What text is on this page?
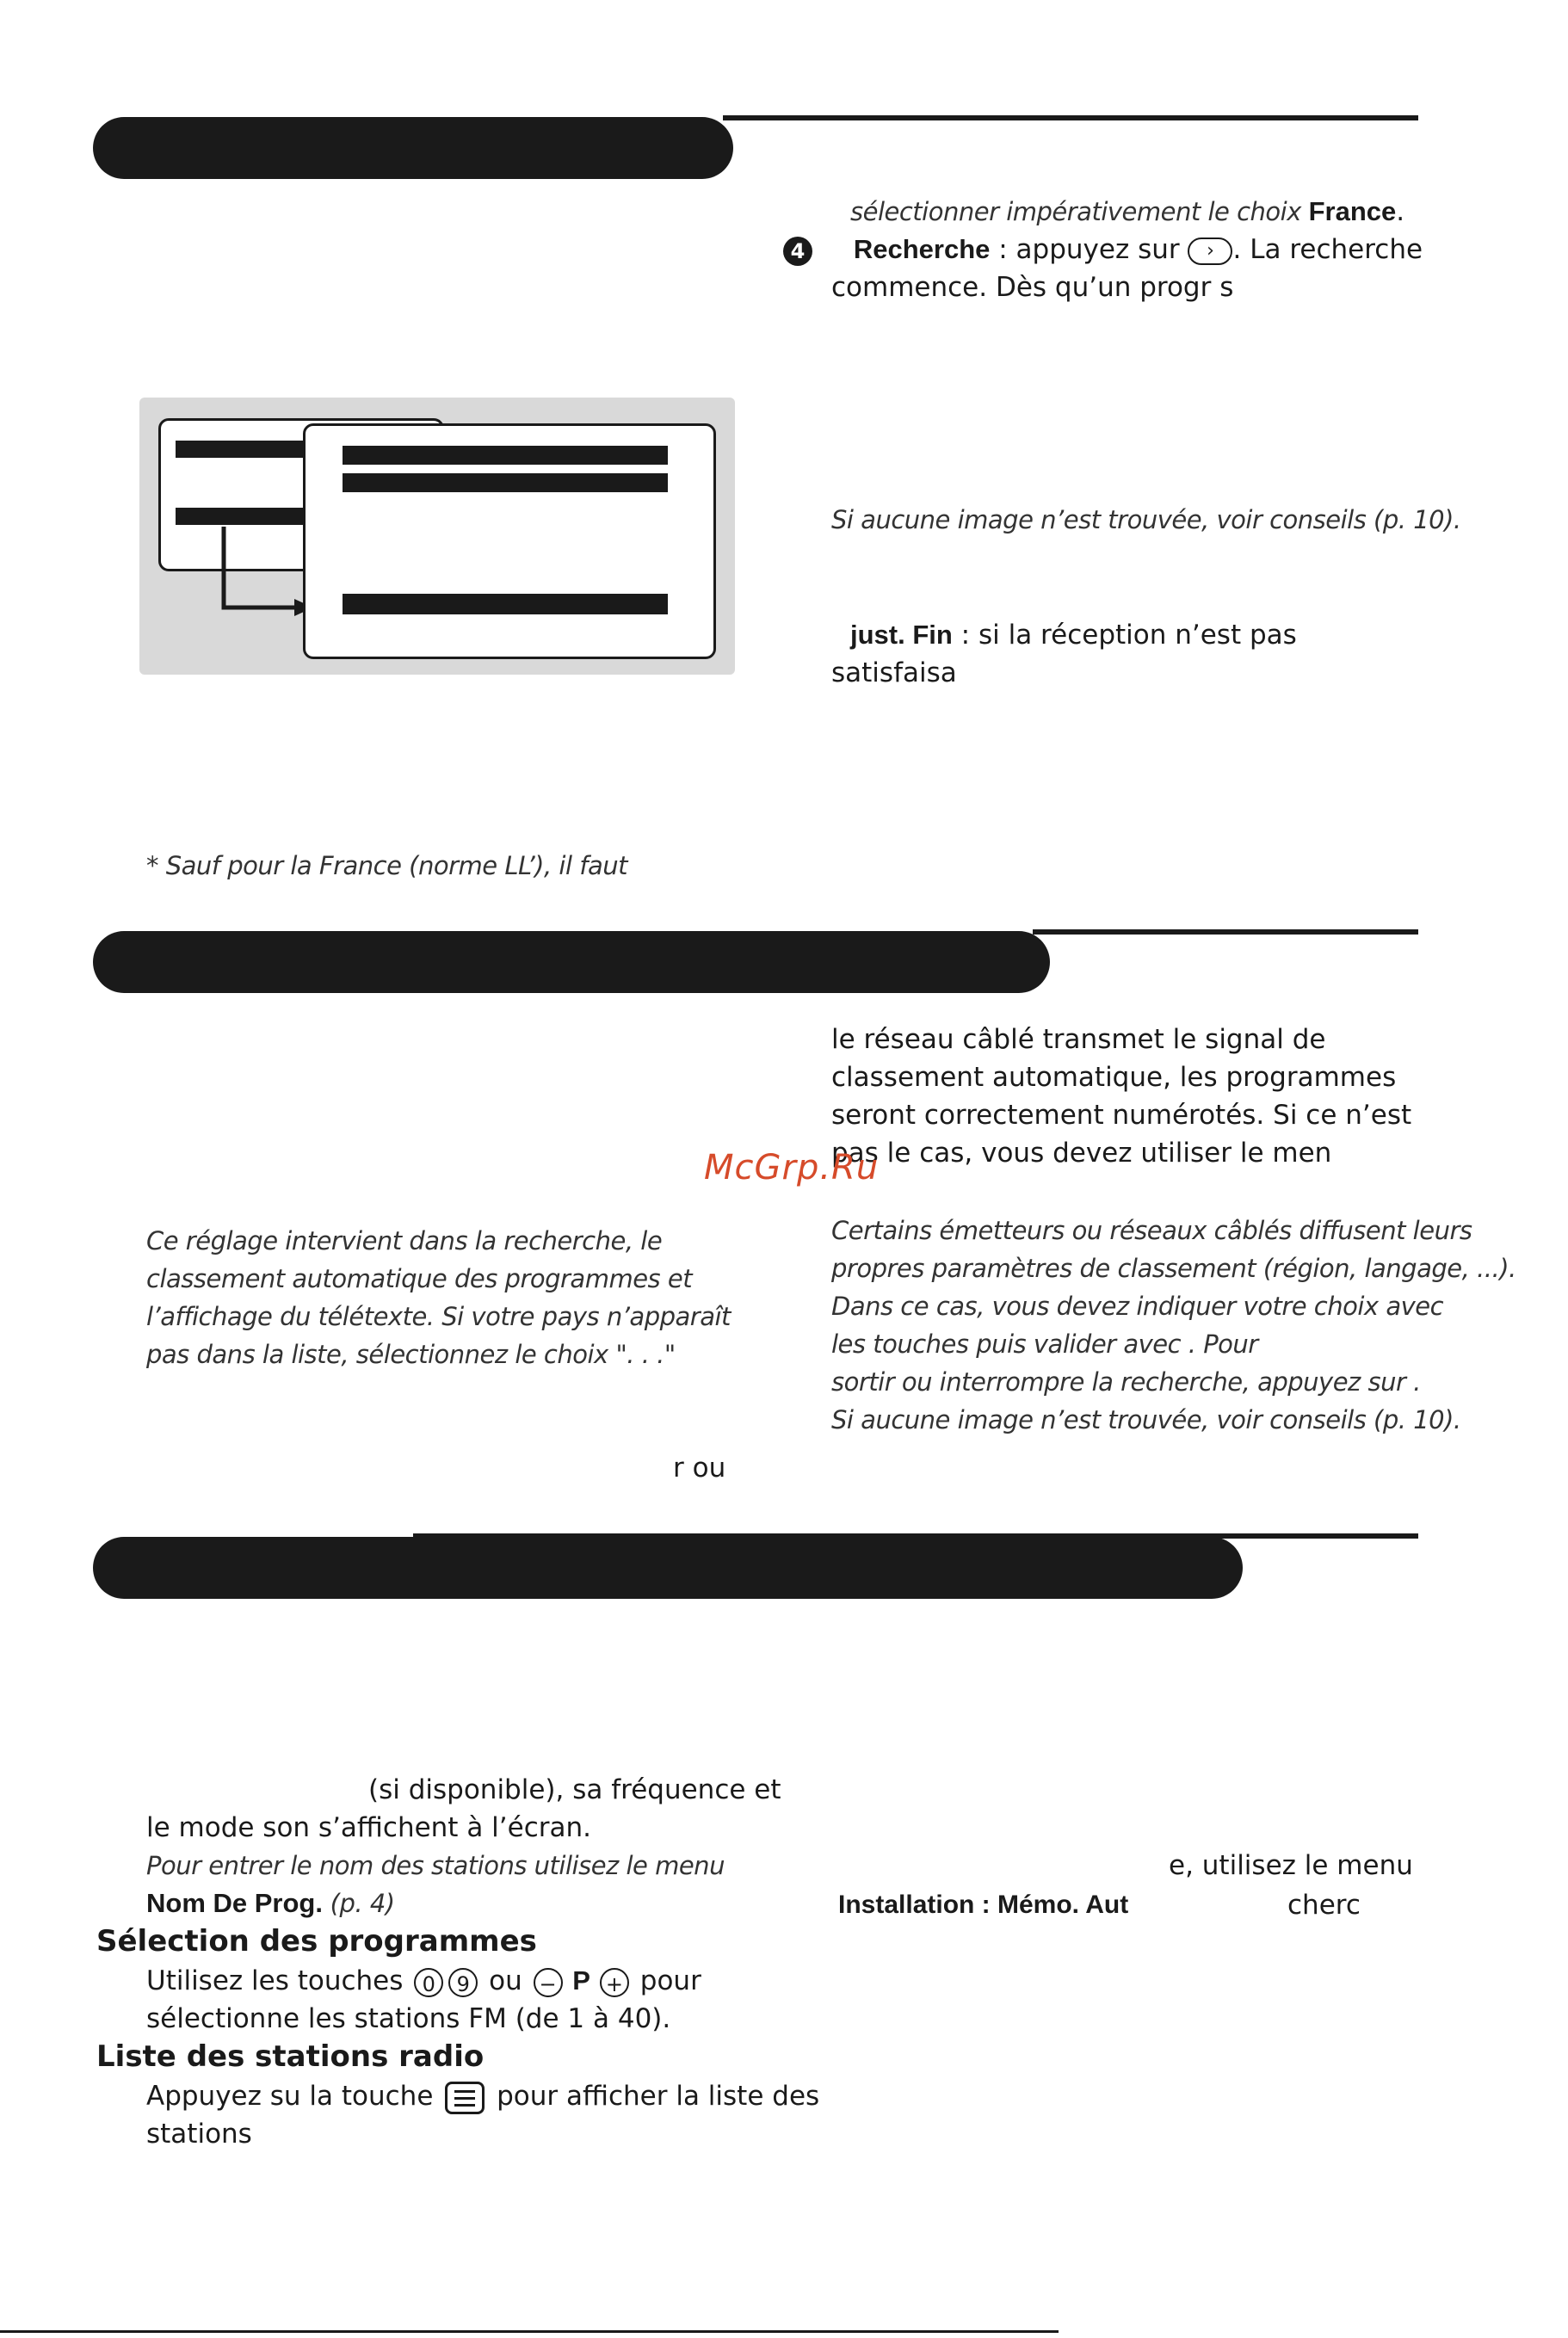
sélectionner impérativement le choix France.
4 Recherche : appuyez sur › . La recherche
commence. Dès qu’un progr s
Si aucune image n’est trouvée, voir conseils (p. 10).
just. Fin : si la réception n’est pas
satisfaisa
* Sauf pour la France (norme LL’), il faut
le réseau câblé transmet le signal de
classement automatique, les programmes
seront correctement numérotés. Si ce n’est
pas le cas, vous devez utiliser le men
McGrp.Ru
Ce réglage intervient dans la recherche, le
classement automatique des programmes et
l’affichage du télétexte. Si votre pays n’apparaît
pas dans la liste, sélectionnez le choix ". . ."
Certains émetteurs ou réseaux câblés diffusent leurs
propres paramètres de classement (région, langage, ...).
Dans ce cas, vous devez indiquer votre choix avec
les touches puis valider avec . Pour
sortir ou interrompre la recherche, appuyez sur .
Si aucune image n’est trouvée, voir conseils (p. 10).
r ou
(si disponible), sa fréquence et
le mode son s’affichent à l’écran.
Pour entrer le nom des stations utilisez le menu
Nom De Prog. (p. 4)
Sélection des programmes
Utilisez les touches 0 9 ou − P + pour
sélectionne les stations FM (de 1 à 40).
Liste des stations radio
Appuyez su la touche
pour afficher la liste des
stations
e, utilisez le menu
Installation : Mémo. Aut	cherc
